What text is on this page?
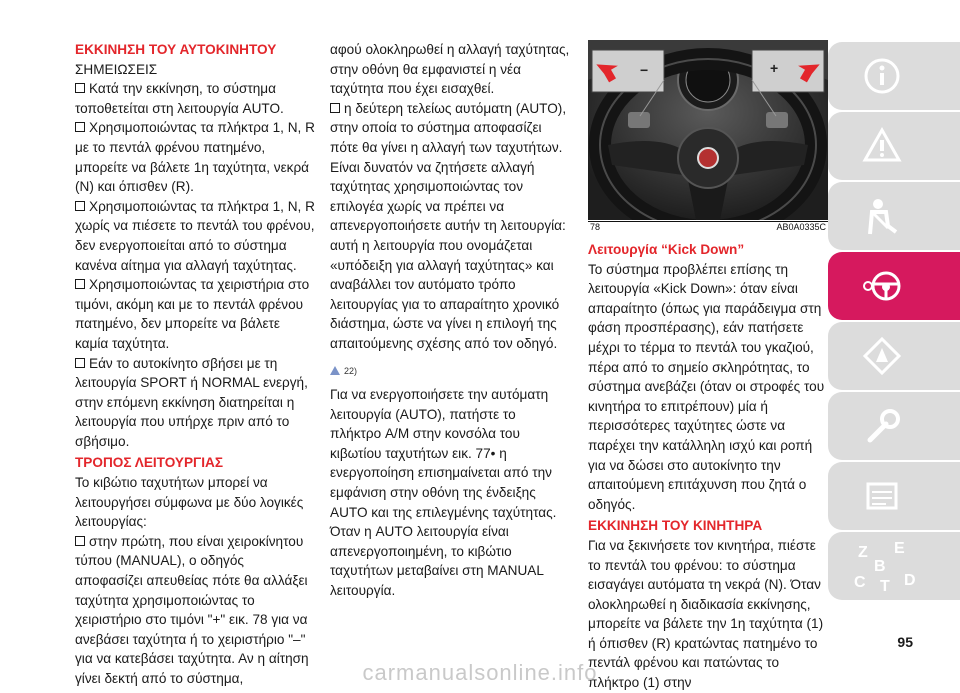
ΕΚΚΙΝΗΣΗ ΤΟΥ ΑΥΤΟΚΙΝΗΤΟΥ
ΣΗΜΕΙΩΣΕΙΣ
Κατά την εκκίνηση, το σύστημα τοποθετείται στη λειτουργία AUTO.
Χρησιμοποιώντας τα πλήκτρα 1, N, R με το πεντάλ φρένου πατημένο, μπορείτε να βάλετε 1η ταχύτητα, νεκρά (N) και όπισθεν (R).
Χρησιμοποιώντας τα πλήκτρα 1, N, R χωρίς να πιέσετε το πεντάλ του φρένου, δεν ενεργοποιείται από το σύστημα κανένα αίτημα για αλλαγή ταχύτητας.
Χρησιμοποιώντας τα χειριστήρια στο τιμόνι, ακόμη και με το πεντάλ φρένου πατημένο, δεν μπορείτε να βάλετε καμία ταχύτητα.
Εάν το αυτοκίνητο σβήσει με τη λειτουργία SPORT ή NORMAL ενεργή, στην επόμενη εκκίνηση διατηρείται η λειτουργία που υπήρχε πριν από το σβήσιμο.
ΤΡΟΠΟΣ ΛΕΙΤΟΥΡΓΙΑΣ
Το κιβώτιο ταχυτήτων μπορεί να λειτουργήσει σύμφωνα με δύο λογικές λειτουργίας:
στην πρώτη, που είναι χειροκίνητου τύπου (MANUAL), ο οδηγός αποφασίζει απευθείας πότε θα αλλάξει ταχύτητα χρησιμοποιώντας το χειριστήριο στο τιμόνι "+" εικ. 78 για να ανεβάσει ταχύτητα ή το χειριστήριο "–" για να κατεβάσει ταχύτητα. Αν η αίτηση γίνει δεκτή από το σύστημα,
αφού ολοκληρωθεί η αλλαγή ταχύτητας, στην οθόνη θα εμφανιστεί η νέα ταχύτητα που έχει εισαχθεί.
η δεύτερη τελείως αυτόματη (AUTO), στην οποία το σύστημα αποφασίζει πότε θα γίνει η αλλαγή των ταχυτήτων. Είναι δυνατόν να ζητήσετε αλλαγή ταχύτητας χρησιμοποιώντας τον επιλογέα χωρίς να πρέπει να απενεργοποιήσετε αυτήν τη λειτουργία: αυτή η λειτουργία που ονομάζεται «υπόδειξη για αλλαγή ταχύτητας» και αναβάλλει τον αυτόματο τρόπο λειτουργίας για το απαραίτητο χρονικό διάστημα, ώστε να γίνει η επιλογή της απαιτούμενης σχέσης από τον οδηγό.
22)
Για να ενεργοποιήσετε την αυτόματη λειτουργία (AUTO), πατήστε το πλήκτρο A/M στην κονσόλα του κιβωτίου ταχυτήτων εικ. 77• η ενεργοποίηση επισημαίνεται από την εμφάνιση στην οθόνη της ένδειξης AUTO και της επιλεγμένης ταχύτητας. Όταν η AUTO λειτουργία είναι απενεργοποιημένη, το κιβώτιο ταχυτήτων μεταβαίνει στη MANUAL λειτουργία.
−	+
78	AB0A0335C
Λειτουργία “Kick Down”
Το σύστημα προβλέπει επίσης τη λειτουργία «Kick Down»: όταν είναι απαραίτητο (όπως για παράδειγμα στη φάση προσπέρασης), εάν πατήσετε μέχρι το τέρμα το πεντάλ του γκαζιού, πέρα από το σημείο σκληρότητας, το σύστημα ανεβάζει (όταν οι στροφές του κινητήρα το επιτρέπουν) μία ή περισσότερες ταχύτητες ώστε να παρέχει την κατάλληλη ισχύ και ροπή για να δώσει στο αυτοκίνητο την απαιτούμενη επιτάχυνση που ζητά ο οδηγός.
ΕΚΚΙΝΗΣΗ ΤΟΥ ΚΙΝΗΤΗΡΑ
Για να ξεκινήσετε τον κινητήρα, πιέστε το πεντάλ του φρένου: το σύστημα εισαγάγει αυτόματα τη νεκρά (N). Όταν ολοκληρωθεί η διαδικασία εκκίνησης, μπορείτε να βάλετε την 1η ταχύτητα (1) ή όπισθεν (R) κρατώντας πατημένο το πεντάλ φρένου και πατώντας το πλήκτρο (1) στην
Z E
B
C T D
95
carmanualsonline.info
